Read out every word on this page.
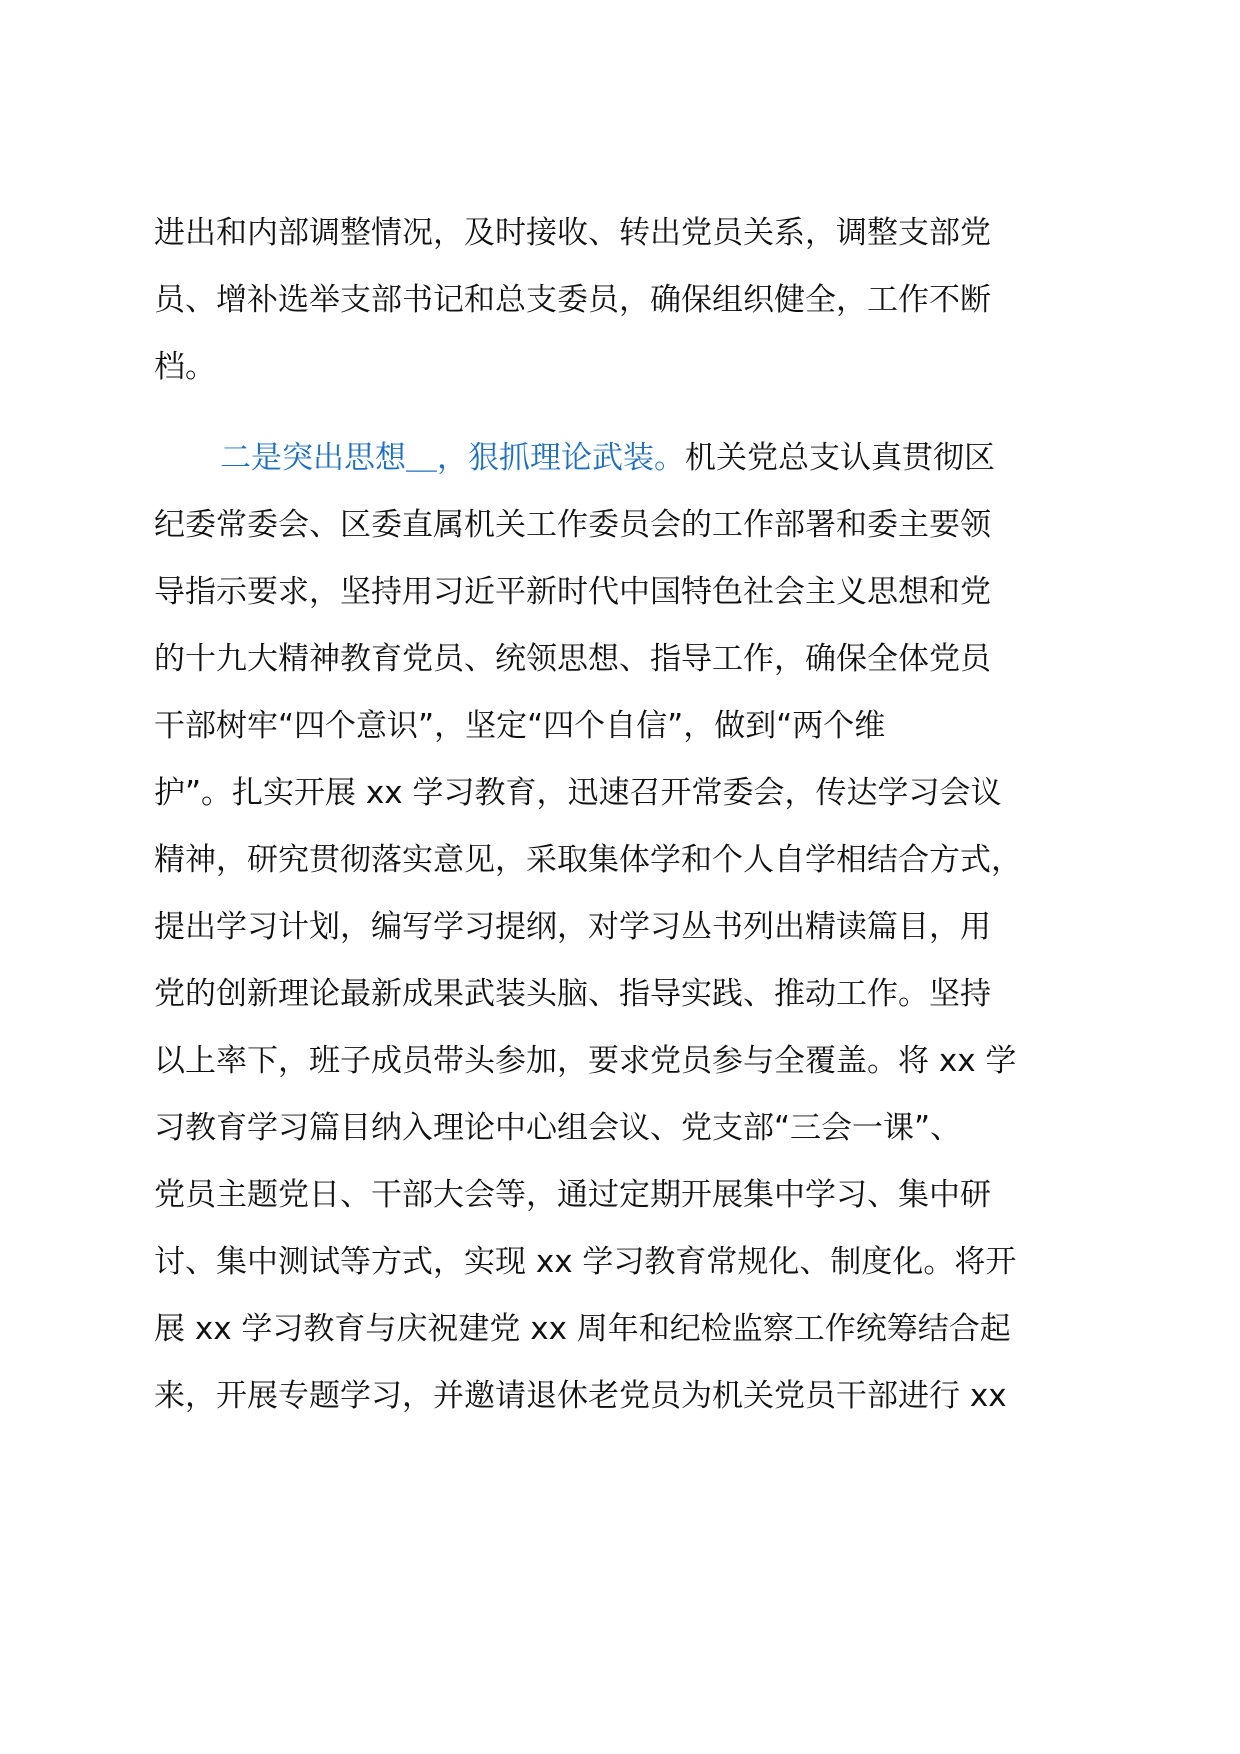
进出和内部调整情况，及时接收、转出党员关系，调整支部党
员、增补选举支部书记和总支委员，确保组织健全，工作不断
档。
二是突出思想＿，狠抓理论武装。机关党总支认真贯彻区
纪委常委会、区委直属机关工作委员会的工作部署和委主要领
导指示要求，坚持用习近平新时代中国特色社会主义思想和党
的十九大精神教育党员、统领思想、指导工作，确保全体党员
干部树牢“四个意识”，坚定“四个自信”，做到“两个维
护”。扎实开展 xx 学习教育，迅速召开常委会，传达学习会议
精神，研究贯彻落实意见，采取集体学和个人自学相结合方式，
提出学习计划，编写学习提纲，对学习丛书列出精读篇目，用
党的创新理论最新成果武装头脑、指导实践、推动工作。坚持
以上率下，班子成员带头参加，要求党员参与全覆盖。将 xx 学
习教育学习篇目纳入理论中心组会议、党支部“三会一课”、
党员主题党日、干部大会等，通过定期开展集中学习、集中研
讨、集中测试等方式，实现 xx 学习教育常规化、制度化。将开
展 xx 学习教育与庆祝建党 xx 周年和纪检监察工作统筹结合起
来，开展专题学习，并邀请退休老党员为机关党员干部进行 xx
